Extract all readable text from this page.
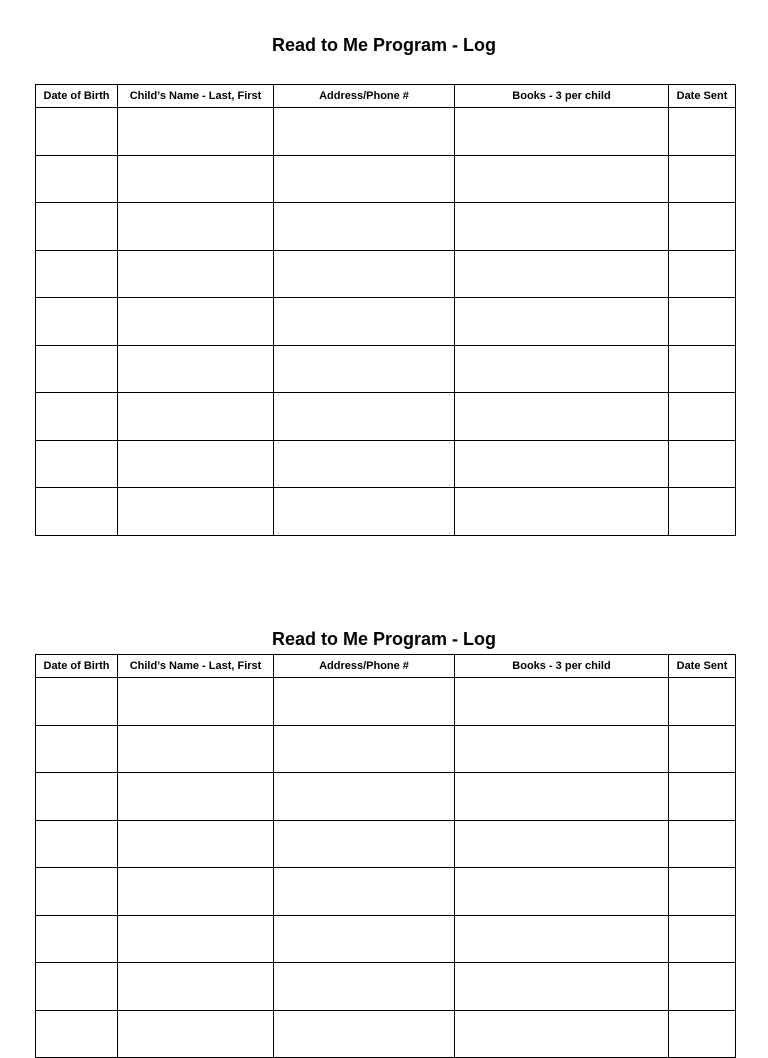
Read to Me Program - Log
Date of Birth	Child’s Name - Last, First	Address/Phone #	Books - 3 per child	Date Sent

Read to Me Program - Log
Date of Birth	Child’s Name - Last, First	Address/Phone #	Books - 3 per child	Date Sent
